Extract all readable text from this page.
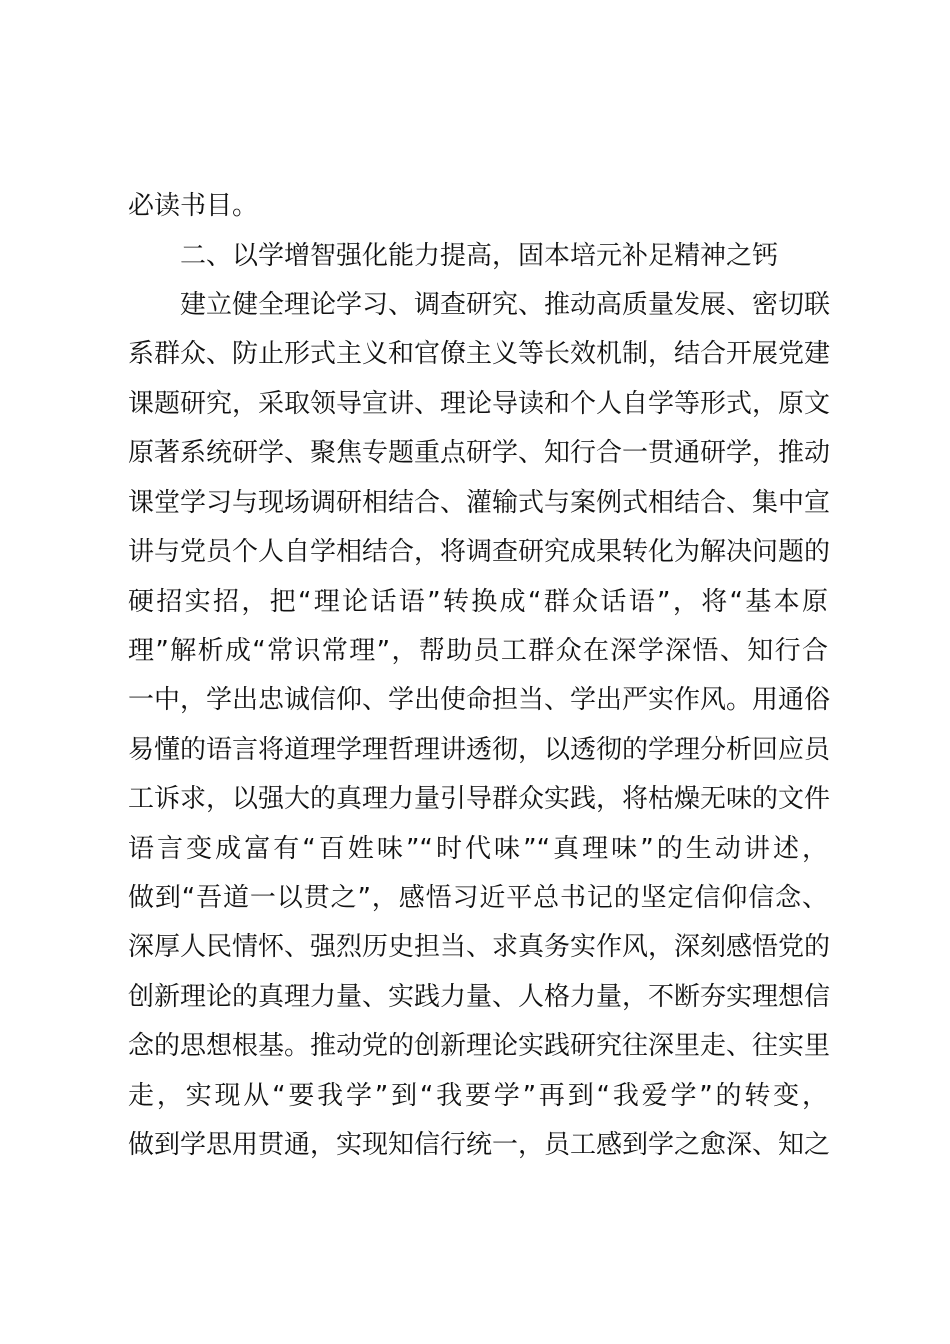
必读书目。
二、以学增智强化能力提高，固本培元补足精神之钙
建立健全理论学习、调查研究、推动高质量发展、密切联
系群众、防止形式主义和官僚主义等长效机制，结合开展党建
课题研究，采取领导宣讲、理论导读和个人自学等形式，原文
原著系统研学、聚焦专题重点研学、知行合一贯通研学，推动
课堂学习与现场调研相结合、灌输式与案例式相结合、集中宣
讲与党员个人自学相结合，将调查研究成果转化为解决问题的
硬招实招，把“理论话语”转换成“群众话语”，将“基本原
理”解析成“常识常理”，帮助员工群众在深学深悟、知行合
一中，学出忠诚信仰、学出使命担当、学出严实作风。用通俗
易懂的语言将道理学理哲理讲透彻，以透彻的学理分析回应员
工诉求，以强大的真理力量引导群众实践，将枯燥无味的文件
语言变成富有“百姓味”“时代味”“真理味”的生动讲述，
做到“吾道一以贯之”，感悟习近平总书记的坚定信仰信念、
深厚人民情怀、强烈历史担当、求真务实作风，深刻感悟党的
创新理论的真理力量、实践力量、人格力量，不断夯实理想信
念的思想根基。推动党的创新理论实践研究往深里走、往实里
走，实现从“要我学”到“我要学”再到“我爱学”的转变，
做到学思用贯通，实现知信行统一，员工感到学之愈深、知之
